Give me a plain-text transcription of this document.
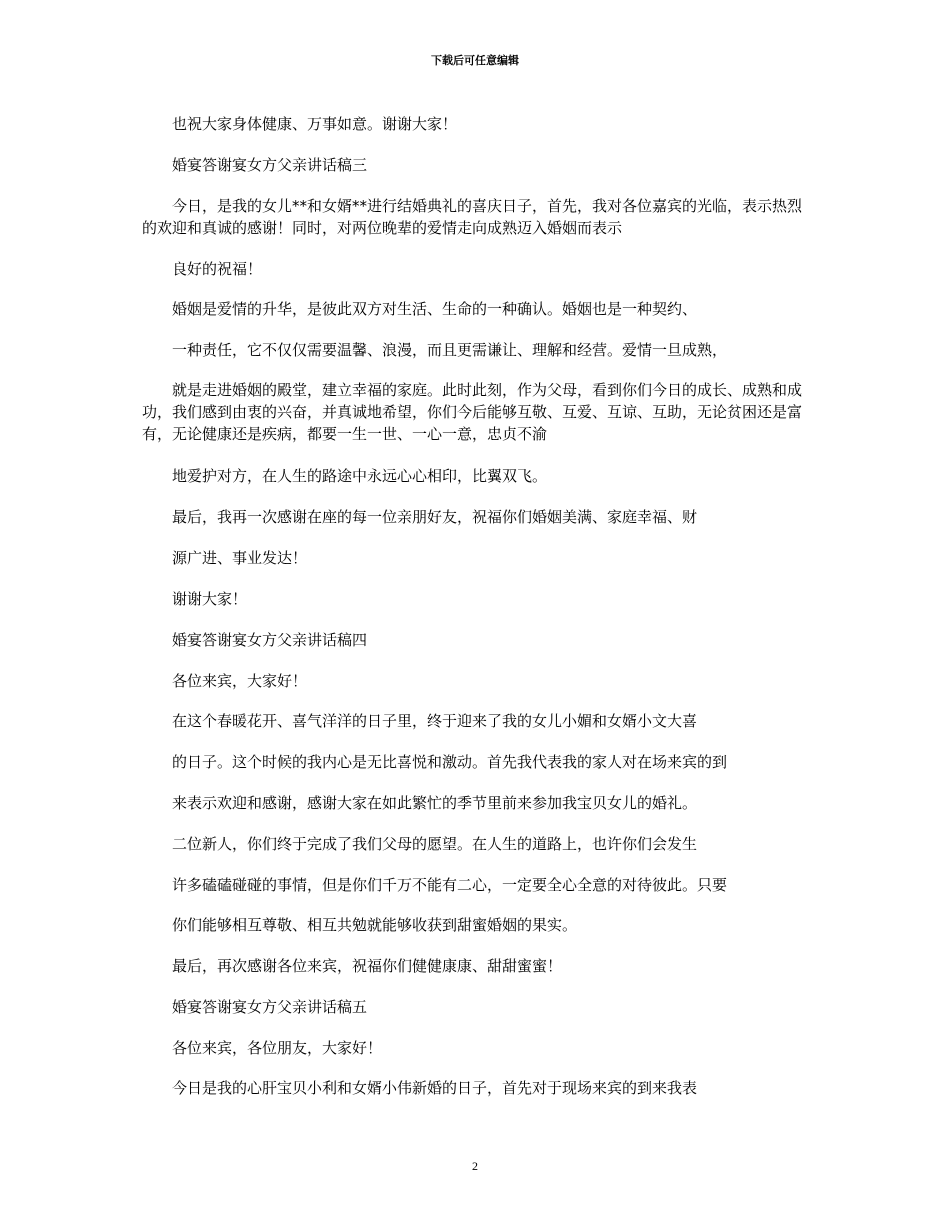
下载后可任意编辑

也祝大家身体健康、万事如意。谢谢大家！

婚宴答谢宴女方父亲讲话稿三

今日，是我的女儿**和女婿**进行结婚典礼的喜庆日子，首先，我对各位嘉宾的光临，表示热烈的欢迎和真诚的感谢！同时，对两位晚辈的爱情走向成熟迈入婚姻而表示

良好的祝福！

婚姻是爱情的升华，是彼此双方对生活、生命的一种确认。婚姻也是一种契约、

一种责任，它不仅仅需要温馨、浪漫，而且更需谦让、理解和经营。爱情一旦成熟，

就是走进婚姻的殿堂，建立幸福的家庭。此时此刻，作为父母，看到你们今日的成长、成熟和成功，我们感到由衷的兴奋，并真诚地希望，你们今后能够互敬、互爱、互谅、互助，无论贫困还是富有，无论健康还是疾病，都要一生一世、一心一意，忠贞不渝

地爱护对方，在人生的路途中永远心心相印，比翼双飞。

最后，我再一次感谢在座的每一位亲朋好友，祝福你们婚姻美满、家庭幸福、财

源广进、事业发达！

谢谢大家！

婚宴答谢宴女方父亲讲话稿四

各位来宾，大家好！

在这个春暖花开、喜气洋洋的日子里，终于迎来了我的女儿小媚和女婿小文大喜

的日子。这个时候的我内心是无比喜悦和激动。首先我代表我的家人对在场来宾的到

来表示欢迎和感谢，感谢大家在如此繁忙的季节里前来参加我宝贝女儿的婚礼。

二位新人，你们终于完成了我们父母的愿望。在人生的道路上，也许你们会发生

许多磕磕碰碰的事情，但是你们千万不能有二心，一定要全心全意的对待彼此。只要

你们能够相互尊敬、相互共勉就能够收获到甜蜜婚姻的果实。

最后，再次感谢各位来宾，祝福你们健健康康、甜甜蜜蜜！

婚宴答谢宴女方父亲讲话稿五

各位来宾，各位朋友，大家好！

今日是我的心肝宝贝小利和女婿小伟新婚的日子，首先对于现场来宾的到来我表

2
